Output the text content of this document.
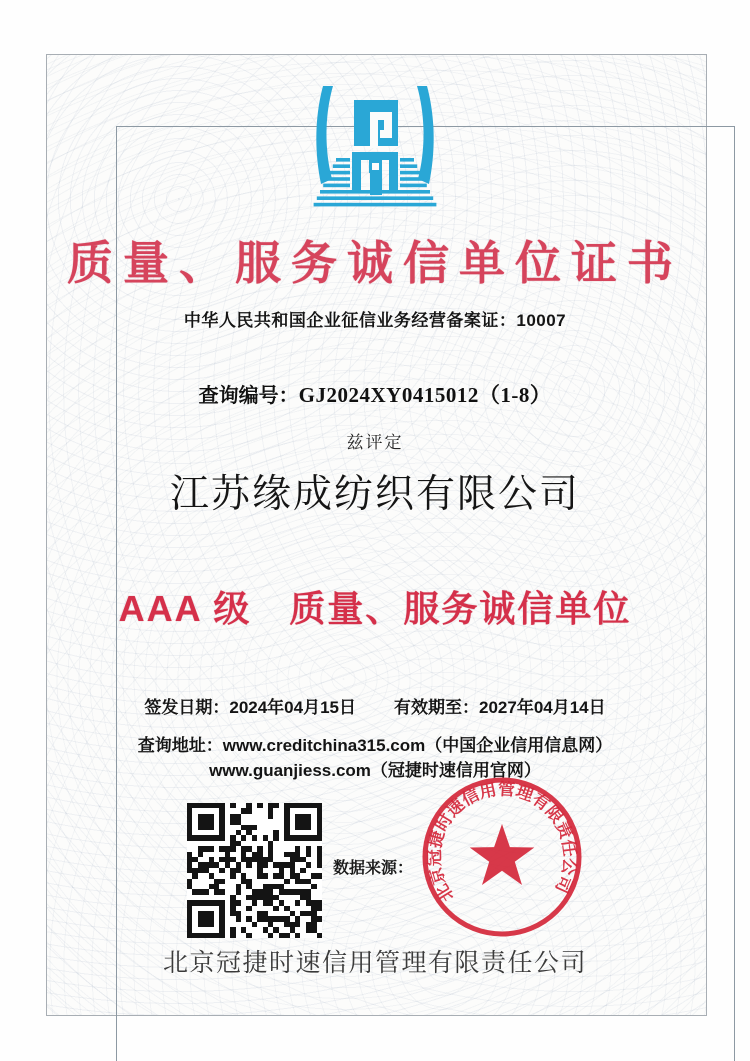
质量、服务诚信单位证书
中华人民共和国企业征信业务经营备案证：10007
查询编号：GJ2024XY0415012（1-8）
兹评定
江苏缘成纺织有限公司
AAA 级　质量、服务诚信单位
签发日期：2024年04月15日 有效期至：2027年04月14日
查询地址：www.creditchina315.com（中国企业信用信息网）
www.guanjiess.com（冠捷时速信用官网）
数据来源：
北京冠捷时速信用管理有限责任公司
北京冠捷时速信用管理有限责任公司
